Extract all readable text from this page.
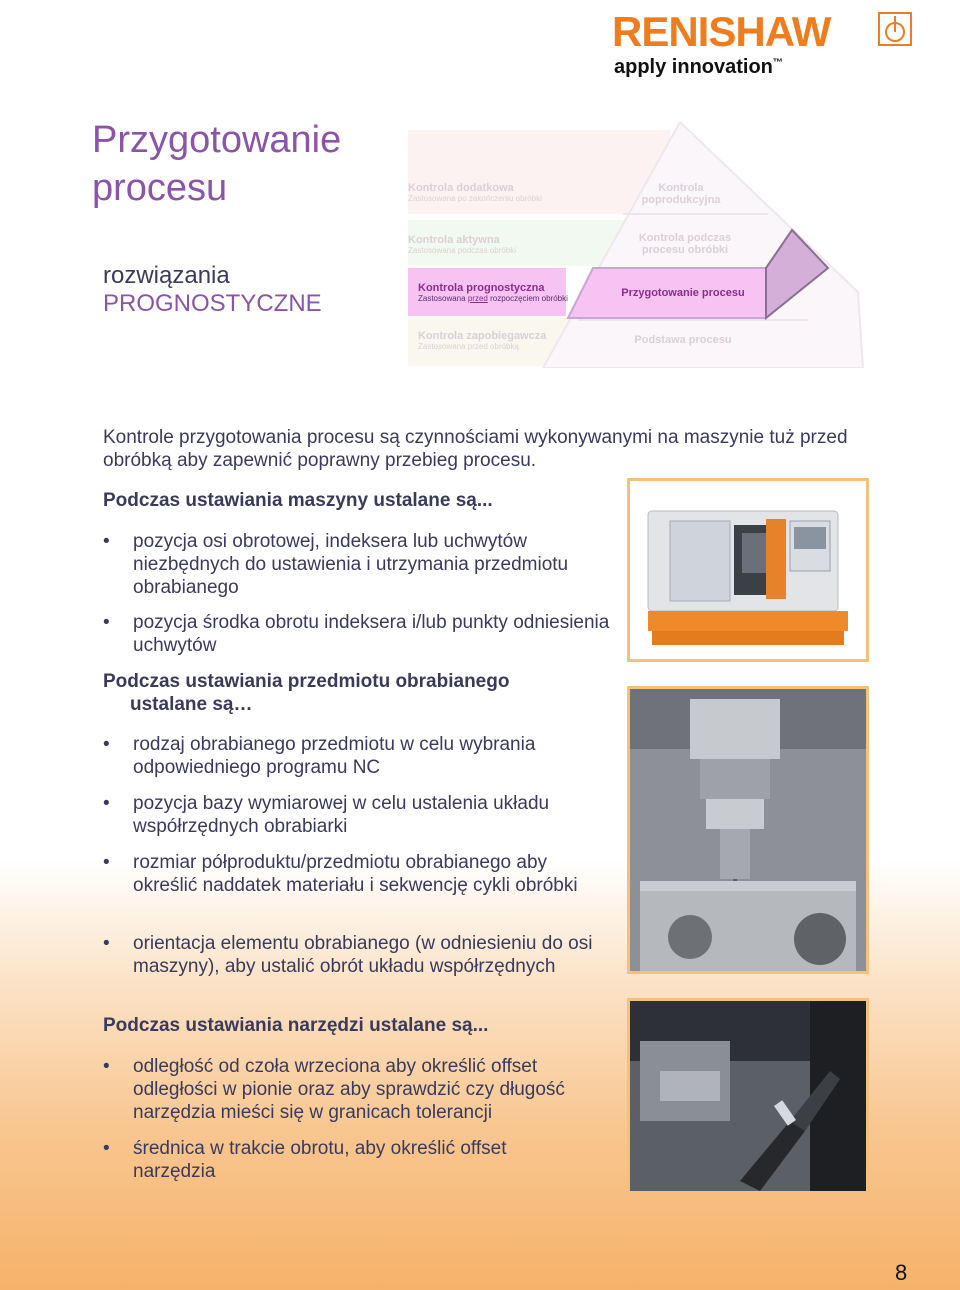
RENISHAW
apply innovation™
Przygotowanie
procesu
rozwiązania
PROGNOSTYCZNE
Kontrola dodatkowa
Zastosowana po zakończeniu obróbki
Kontrola aktywna
Zastosowana podczas obróbki
Kontrola prognostyczna
Zastosowana przed rozpoczęciem obróbki
Kontrola zapobiegawcza
Zastosowana przed obróbką
Kontrola poprodukcyjna
Kontrola podczas procesu obróbki
Przygotowanie procesu
Podstawa procesu
Kontrole przygotowania procesu są czynnościami wykonywanymi na maszynie tuż przed obróbką aby zapewnić poprawny przebieg procesu.
Podczas ustawiania maszyny ustalane są...
• pozycja osi obrotowej, indeksera lub uchwytów niezbędnych do ustawienia i utrzymania przedmiotu obrabianego
• pozycja środka obrotu indeksera i/lub punkty odniesienia uchwytów
Podczas ustawiania przedmiotu obrabianego
ustalane są…
• rodzaj obrabianego przedmiotu w celu wybrania odpowiedniego programu NC
• pozycja bazy wymiarowej w celu ustalenia układu współrzędnych obrabiarki
• rozmiar półproduktu/przedmiotu obrabianego aby określić naddatek materiału i sekwencję cykli obróbki
• orientacja elementu obrabianego (w odniesieniu do osi maszyny), aby ustalić obrót układu współrzędnych
Podczas ustawiania narzędzi ustalane są...
• odległość od czoła wrzeciona aby określić offset odległości w pionie oraz aby sprawdzić czy długość narzędzia mieści się w granicach tolerancji
• średnica w trakcie obrotu, aby określić offset narzędzia
8
